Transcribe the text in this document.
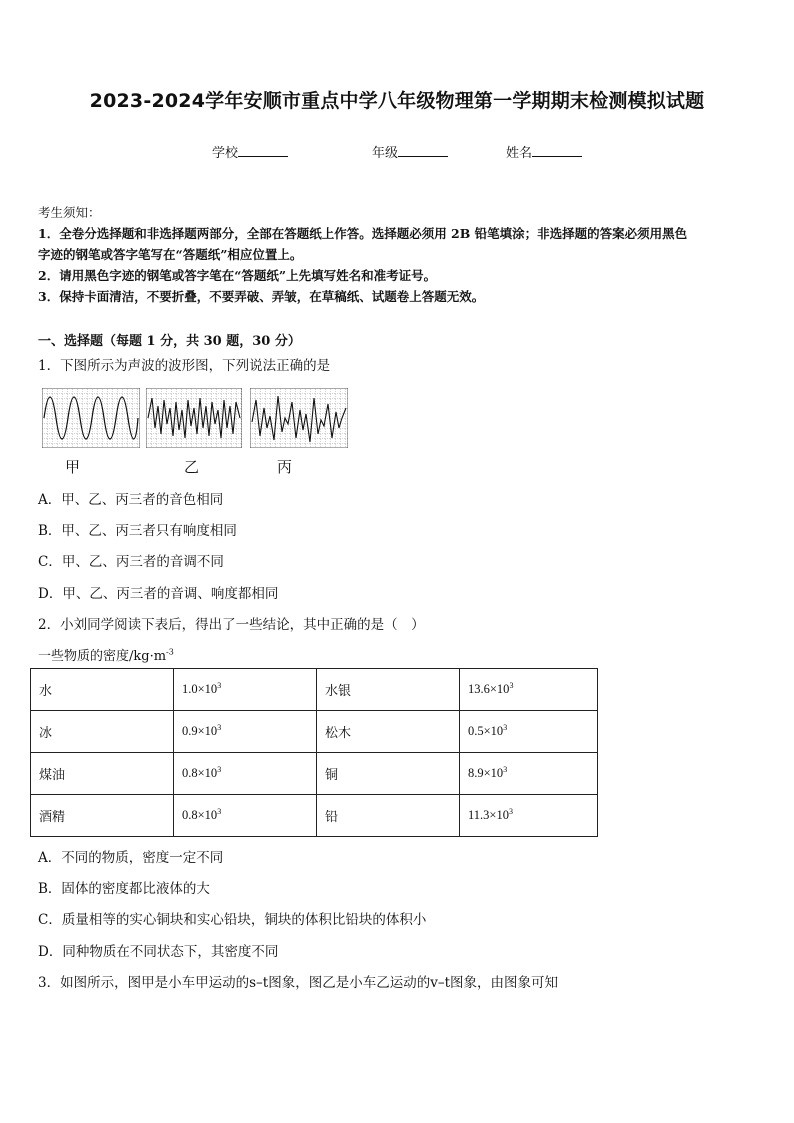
2023-2024学年安顺市重点中学八年级物理第一学期期末检测模拟试题
学校	年级	姓名
考生须知：
1．全卷分选择题和非选择题两部分，全部在答题纸上作答。选择题必须用 2B 铅笔填涂；非选择题的答案必须用黑色
字迹的钢笔或答字笔写在“答题纸”相应位置上。
2．请用黑色字迹的钢笔或答字笔在“答题纸”上先填写姓名和准考证号。
3．保持卡面清洁，不要折叠，不要弄破、弄皱，在草稿纸、试题卷上答题无效。
一、选择题（每题 1 分，共 30 题，30 分）
1．下图所示为声波的波形图，下列说法正确的是
甲	乙	丙
A．甲、乙、丙三者的音色相同
B．甲、乙、丙三者只有响度相同
C．甲、乙、丙三者的音调不同
D．甲、乙、丙三者的音调、响度都相同
2．小刘同学阅读下表后，得出了一些结论，其中正确的是（　）
一些物质的密度$/kg\cdot m^{-3}$
水	$1.0\times 10^3$	水银	$13.6\times 10^3$
冰	$0.9\times 10^3$	松木	$0.5\times 10^3$
煤油	$0.8\times 10^3$	铜	$8.9\times 10^3$
酒精	$0.8\times 10^3$	铅	$11.3\times 10^3$
A．不同的物质，密度一定不同
B．固体的密度都比液体的大
C．质量相等的实心铜块和实心铅块，铜块的体积比铅块的体积小
D．同种物质在不同状态下，其密度不同
3．如图所示，图甲是小车甲运动的s–t图象，图乙是小车乙运动的v–t图象，由图象可知
